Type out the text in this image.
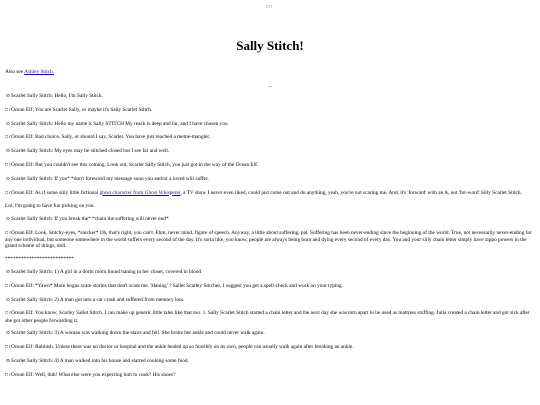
□♀
Sally Stitch!
Also see Ashley Stitch.
–
⊙Scarlet Sally Stitch: Hello, I'm Sally Stitch.
□♀Ocean Elf: You are Scarlet Sally, or maybe it's Sally Scarlet Stitch.
⊙Scarlet Sally Stitch: Hello my name is Sally STITCH My reach is deep and far, and I have chosen you
□♀Ocean Elf: Bad choice, Sally, or should I say, Scarlet. You have just reached a meme-mangler.
⊙Scarlet Sally Stitch: My eyes may be stitched closed but I see far and well.
□♀Ocean Elf: But you couldn't see this coming. Look out, Scarlet Sally Stitch, you just got in the way of the Ocean Elf.
⊙Scarlet Sally Stitch: If you* *don't foreword my message soon you and/or a loved will suffer.
□♀Ocean Elf: As if some silly little fictional ghost character from Ghost Whisperer, a TV show I never even liked, could just come out and do anything, yeah, you're not scaring me. And, it's 'forward' with an A, not 'for-word' Silly Scarlet Stitch.
Lol, I'm going to have fun picking on you.
⊙Scarlet Sally Stitch: If you break the* *chain the suffering will never end*
□♀Ocean Elf: Look, Stitchy-eyes, *snicker* Oh, that's right, you can't. Ehm, never mind, figure of speech. Anyway, a little about suffering, pal. Suffering has been never-ending since the beginning of the world. True, not necessarily never-ending for any one individual, but someone somewhere in the world suffers every second of the day. It's sorta like, you know, people are always being born and dying every second of every day. You and your silly chain letter simply have zippo powers in the grand scheme of things, doll.
**************************
⊙Scarlet Sally Stitch: 1) A girl in a dorm room found haning in her closet, covered in blood
□♀Ocean Elf: *Yawn* More bogus scare stories that don't scare me. 'Haning' ? Sallet Scarley Stitches, I suggest you get a spell-check and work on your typing.
⊙Scarlet Sally Stitch: 2) A man got into a car crash and suffered from memory loss.
□♀Ocean Elf: You know, Scarley Sallet Stitch, I can make up generic little tales like that too. 1. Sally Scarlet Stitch started a chain letter and the next day she was torn apart to be used as mattress stuffing. Julia created a chain letter and got sick after she got other people forwarding it.
⊙Scarlet Sally Stitch: 3) A woman was walking down the stairs and fell. She broke her ankle and could never walk again.
□♀Ocean Elf: Rubbish. Unless there was no doctor or hospital and the ankle healed up so horribly on its own, people can usually walk again after breaking an ankle.
⊙Scarlet Sally Stitch: 4) A man walked into his house and started cooking some food.
□♀Ocean Elf: Well, duh! What else were you expecting him to cook? His shoes?
